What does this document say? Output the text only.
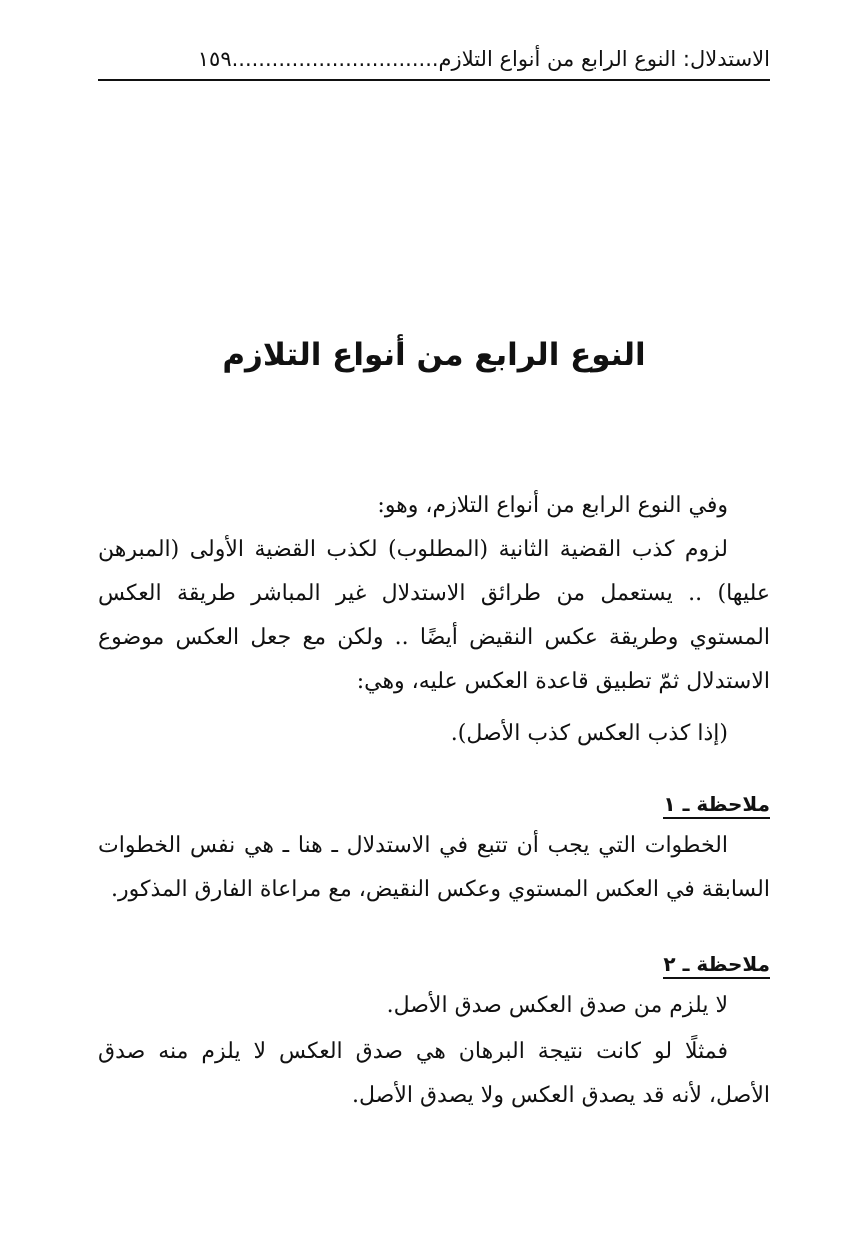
الاستدلال: النوع الرابع من أنواع التلازم...............................١٥٩
النوع الرابع من أنواع التلازم

وفي النوع الرابع من أنواع التلازم، وهو:

لزوم كذب القضية الثانية (المطلوب) لكذب القضية الأولى (المبرهن عليها) .. يستعمل من طرائق الاستدلال غير المباشر طريقة العكس المستوي وطريقة عكس النقيض أيضًا .. ولكن مع جعل العكس موضوع الاستدلال ثمّ تطبيق قاعدة العكس عليه، وهي:

(إذا كذب العكس كذب الأصل).

ملاحظة ـ ١

الخطوات التي يجب أن تتبع في الاستدلال ـ هنا ـ هي نفس الخطوات السابقة في العكس المستوي وعكس النقيض، مع مراعاة الفارق المذكور.

ملاحظة ـ ٢

لا يلزم من صدق العكس صدق الأصل.

فمثلًا لو كانت نتيجة البرهان هي صدق العكس لا يلزم منه صدق الأصل، لأنه قد يصدق العكس ولا يصدق الأصل.
